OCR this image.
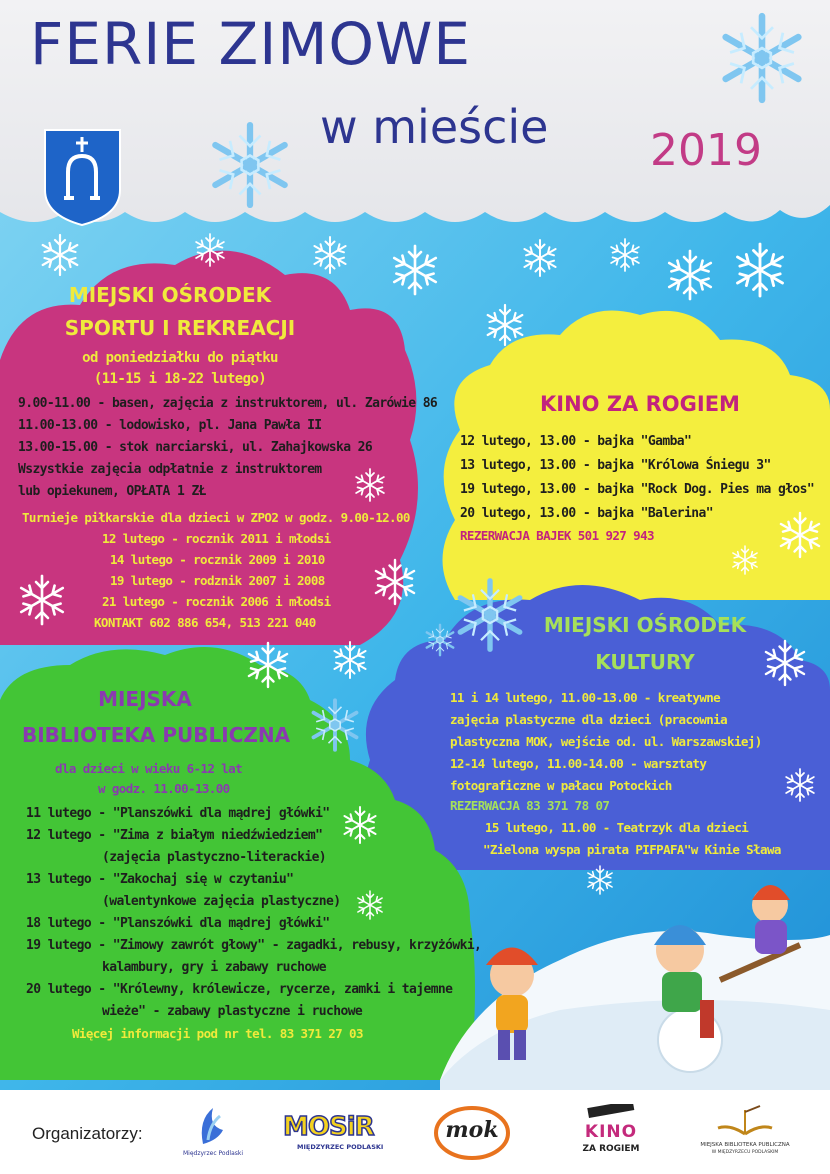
FERIE ZIMOWE
w mieście 2019
MIEJSKI OŚRODEK
SPORTU I REKREACJI
od poniedziałku do piątku
(11-15 i 18-22 lutego)
9.00-11.00 - basen, zajęcia z instruktorem, ul. Zarówie 86
11.00-13.00 - lodowisko, pl. Jana Pawła II
13.00-15.00 - stok narciarski, ul. Zahajkowska 26
Wszystkie zajęcia odpłatnie z instruktorem
lub opiekunem, OPŁATA 1 ZŁ
Turnieje piłkarskie dla dzieci w ZPO2 w godz. 9.00-12.00
12 lutego - rocznik 2011 i młodsi
14 lutego - rocznik 2009 i 2010
19 lutego - rodznik 2007 i 2008
21 lutego - rocznik 2006 i młodsi
KONTAKT 602 886 654, 513 221 040
KINO ZA ROGIEM
12 lutego, 13.00 - bajka "Gamba"
13 lutego, 13.00 - bajka "Królowa Śniegu 3"
19 lutego, 13.00 - bajka "Rock Dog. Pies ma głos"
20 lutego, 13.00 - bajka "Balerina"
REZERWACJA BAJEK 501 927 943
MIEJSKI OŚRODEK
KULTURY
11 i 14 lutego, 11.00-13.00 - kreatywne
zajęcia plastyczne dla dzieci (pracownia
plastyczna MOK, wejście od. ul. Warszawskiej)
12-14 lutego, 11.00-14.00 - warsztaty
fotograficzne w pałacu Potockich
REZERWACJA 83 371 78 07
15 lutego, 11.00 - Teatrzyk dla dzieci
"Zielona wyspa pirata PIFPAFA"w Kinie Sława
MIEJSKA
BIBLIOTEKA PUBLICZNA
dla dzieci w wieku 6-12 lat
w godz. 11.00-13.00
11 lutego - "Planszówki dla mądrej główki"
12 lutego - "Zima z białym niedźwiedziem"
(zajęcia plastyczno-literackie)
13 lutego - "Zakochaj się w czytaniu"
(walentynkowe zajęcia plastyczne)
18 lutego - "Planszówki dla mądrej główki"
19 lutego - "Zimowy zawrót głowy" - zagadki, rebusy, krzyżówki,
kalambury, gry i zabawy ruchowe
20 lutego - "Królewny, królewicze, rycerze, zamki i tajemne
wieże" - zabawy plastyczne i ruchowe
Więcej informacji pod nr tel. 83 371 27 03
Organizatorzy:
Międzyrzec Podlaski
MOSiR
MIĘDZYRZEC PODLASKI
mok	KINO
ZA ROGIEM	MIEJSKA BIBLIOTEKA PUBLICZNA
W MIĘDZYRZECU PODLASKIM
